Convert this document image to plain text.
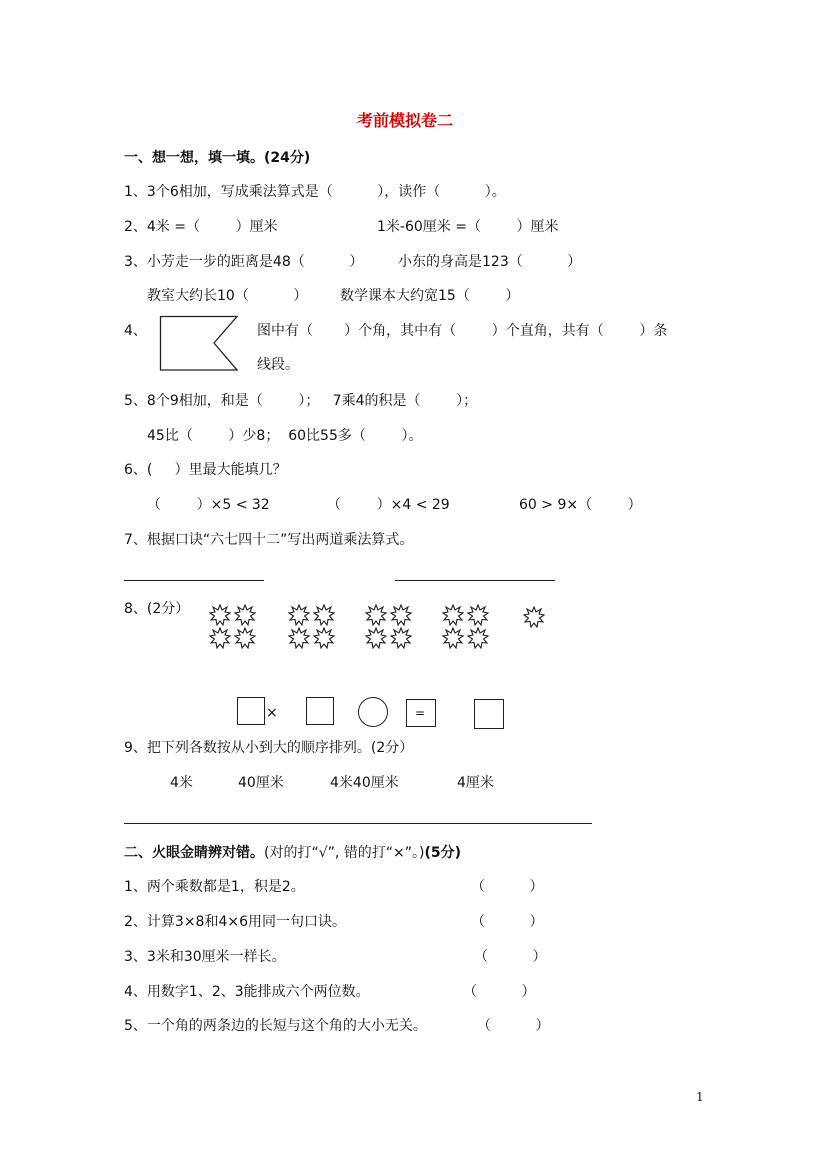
考前模拟卷二
一、想一想，填一填。(24分)
1、3个6相加，写成乘法算式是（          ），读作（          ）。
2、4米 =（        ）厘米	1米-60厘米 =（        ）厘米
3、小芳走一步的距离是48（          ） 小东的身高是123（          ）
教室大约长10（          ） 数学课本大约宽15（        ）
4、	图中有（       ）个角，其中有（        ）个直角，共有（        ）条
线段。
5、8个9相加，和是（        ）；   7乘4的积是（        ）；
45比（        ）少8；  60比55多（        ）。
6、(     ）里最大能填几？
（        ）×5 < 32	（        ）×4 < 29	60 > 9×（        ）
7、根据口诀“六七四十二”写出两道乘法算式。
8、(2分）
×	=
9、把下列各数按从小到大的顺序排列。(2分）
4米	40厘米	4米40厘米	4厘米
二、火眼金睛辨对错。(对的打“√”, 错的打“×”。)(5分)
1、两个乘数都是1，积是2。	（          ）
2、计算3×8和4×6用同一句口诀。	（          ）
3、3米和30厘米一样长。	（          ）
4、用数字1、2、3能排成六个两位数。	（          ）
5、一个角的两条边的长短与这个角的大小无关。	（          ）
1
